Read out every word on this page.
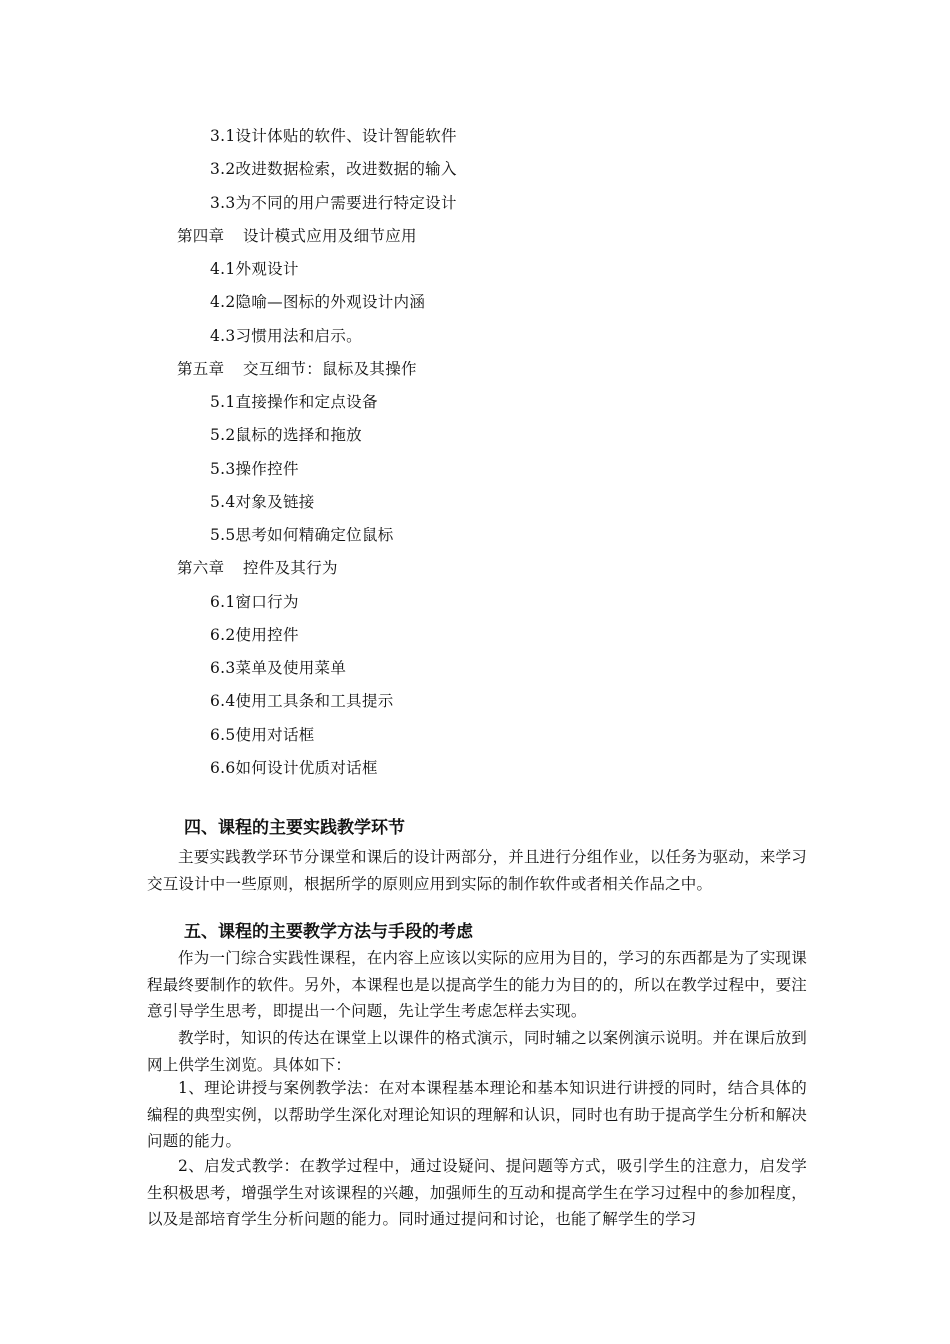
3.1设计体贴的软件、设计智能软件
3.2改进数据检索，改进数据的输入
3.3为不同的用户需要进行特定设计
第四章 设计模式应用及细节应用
4.1外观设计
4.2隐喻—图标的外观设计内涵
4.3习惯用法和启示。
第五章 交互细节：鼠标及其操作
5.1直接操作和定点设备
5.2鼠标的选择和拖放
5.3操作控件
5.4对象及链接
5.5思考如何精确定位鼠标
第六章 控件及其行为
6.1窗口行为
6.2使用控件
6.3菜单及使用菜单
6.4使用工具条和工具提示
6.5使用对话框
6.6如何设计优质对话框
四、课程的主要实践教学环节
主要实践教学环节分课堂和课后的设计两部分，并且进行分组作业，以任务为驱动，来学习交互设计中一些原则，根据所学的原则应用到实际的制作软件或者相关作品之中。
五、课程的主要教学方法与手段的考虑
作为一门综合实践性课程，在内容上应该以实际的应用为目的，学习的东西都是为了实现课程最终要制作的软件。另外，本课程也是以提高学生的能力为目的的，所以在教学过程中，要注意引导学生思考，即提出一个问题，先让学生考虑怎样去实现。
教学时，知识的传达在课堂上以课件的格式演示，同时辅之以案例演示说明。并在课后放到网上供学生浏览。具体如下：
1、理论讲授与案例教学法：在对本课程基本理论和基本知识进行讲授的同时，结合具体的编程的典型实例，以帮助学生深化对理论知识的理解和认识，同时也有助于提高学生分析和解决问题的能力。
2、启发式教学：在教学过程中，通过设疑问、提问题等方式，吸引学生的注意力，启发学生积极思考，增强学生对该课程的兴趣，加强师生的互动和提高学生在学习过程中的参加程度，以及是部培育学生分析问题的能力。同时通过提问和讨论，也能了解学生的学习
